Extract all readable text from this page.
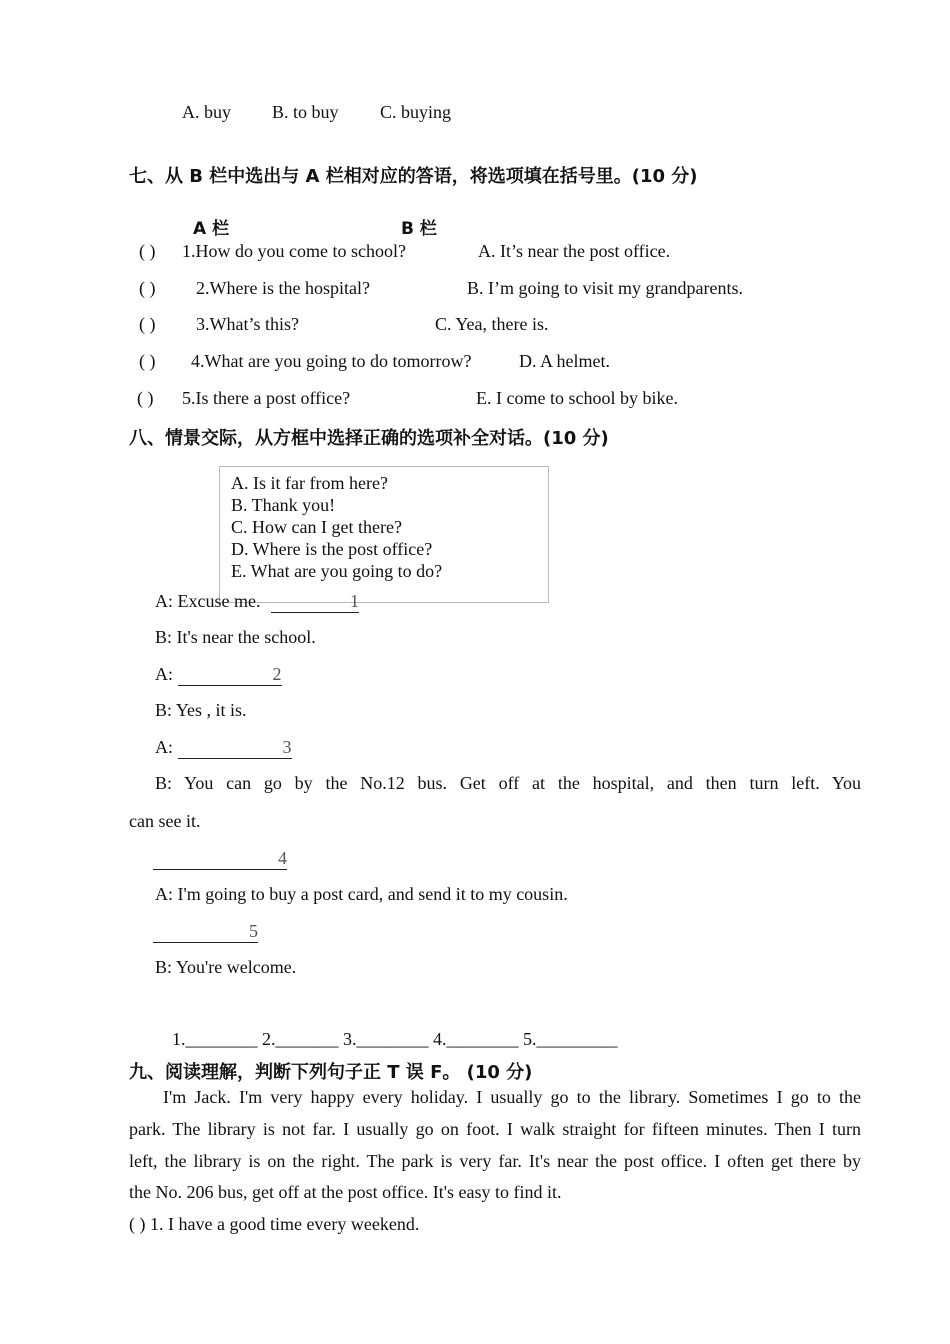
A. buy B. to buy C. buying
七、从 B 栏中选出与 A 栏相对应的答语，将选项填在括号里。(10 分)
A 栏	B 栏
( ) 1.How do you come to school?	A. It’s near the post office.
( ) 2.Where is the hospital?	B. I’m going to visit my grandparents.
( ) 3.What’s this?	C. Yea, there is.
( ) 4.What are you going to do tomorrow?	D. A helmet.
( ) 5.Is there a post office?	E. I come to school by bike.
八、情景交际，从方框中选择正确的选项补全对话。(10 分)
A. Is it far from here?
B. Thank you!
C. How can I get there?
D. Where is the post office?
E. What are you going to do?
A: Excuse me.	1
B: It's near the school.
A:	2
B: Yes , it is.
A:	3
B: You can go by the No.12 bus. Get off at the hospital, and then turn left. You
can see it.
4
A: I'm going to buy a post card, and send it to my cousin.
5
B: You're welcome.
1.________ 2._______ 3.________ 4.________ 5._________
九、阅读理解，判断下列句子正 T 误 F。 (10 分)
I'm Jack. I'm very happy every holiday. I usually go to the library. Sometimes I go to the
park. The library is not far. I usually go on foot. I walk straight for fifteen minutes. Then I turn
left, the library is on the right. The park is very far. It's near the post office. I often get there by
the No. 206 bus, get off at the post office. It's easy to find it.
( ) 1. I have a good time every weekend.
